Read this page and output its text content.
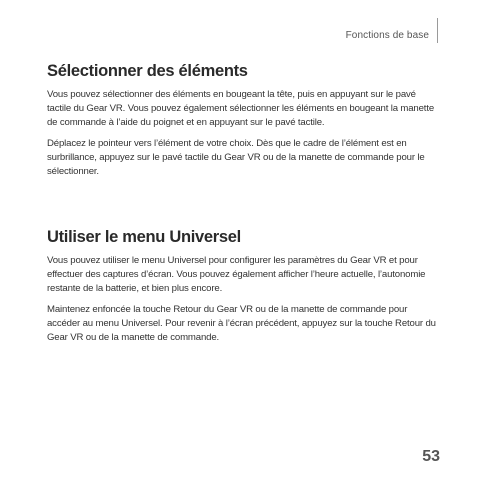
Fonctions de base
Sélectionner des éléments

Vous pouvez sélectionner des éléments en bougeant la tête, puis en appuyant sur le pavé tactile du Gear VR. Vous pouvez également sélectionner les éléments en bougeant la manette de commande à l’aide du poignet et en appuyant sur le pavé tactile.

Déplacez le pointeur vers l’élément de votre choix. Dès que le cadre de l’élément est en surbrillance, appuyez sur le pavé tactile du Gear VR ou de la manette de commande pour le sélectionner.

Utiliser le menu Universel

Vous pouvez utiliser le menu Universel pour configurer les paramètres du Gear VR et pour effectuer des captures d’écran. Vous pouvez également afficher l’heure actuelle, l’autonomie restante de la batterie, et bien plus encore.

Maintenez enfoncée la touche Retour du Gear VR ou de la manette de commande pour accéder au menu Universel. Pour revenir à l’écran précédent, appuyez sur la touche Retour du Gear VR ou de la manette de commande.

53
